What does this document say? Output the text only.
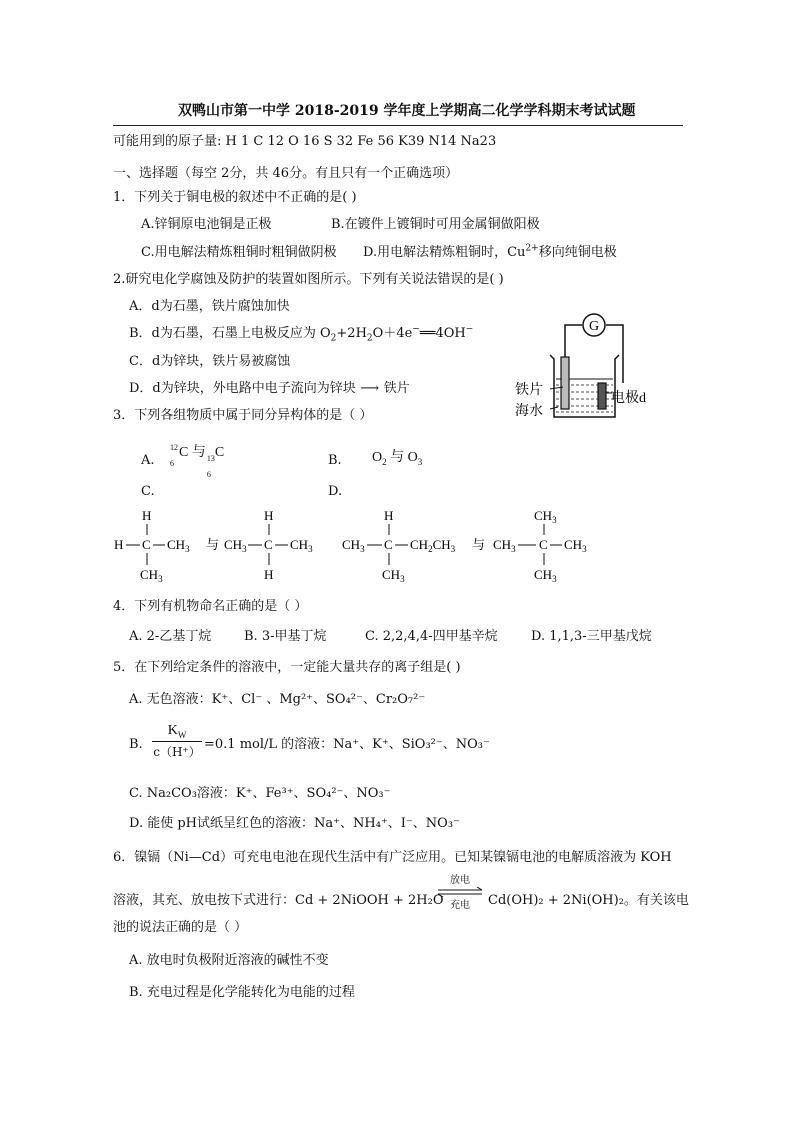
双鸭山市第一中学 2018-2019 学年度上学期高二化学学科期末考试试题
可能用到的原子量: H 1 C 12 O 16 S 32 Fe 56 K39 N14 Na23
一、选择题（每空 2分，共 46分。有且只有一个正确选项）
1．下列关于铜电极的叙述中不正确的是( )
A.锌铜原电池铜是正极	B.在镀件上镀铜时可用金属铜做阳极
C.用电解法精炼粗铜时粗铜做阴极 D.用电解法精炼粗铜时，$Cu^{2+}$移向纯铜电极
2.研究电化学腐蚀及防护的装置如图所示。下列有关说法错误的是( )
A．d为石墨，铁片腐蚀加快
B．d为石墨，石墨上电极反应为 $O_2+2H_2O+4e^-══4OH^-$
C．d为锌块，铁片易被腐蚀
D．d为锌块，外电路中电子流向为锌块 ⟶ 铁片
G
铁片
海水
电极d
3．下列各组物质中属于同分异构体的是（ ）
A.
12
6
C 与 13
6
C
B. $O_2$ 与 $O_3$
C.	D.
H
H C $CH_3$
$CH_3$
与
H
$CH_3$ C $CH_3$
H
H
$CH_3$ C $CH_2CH_3$
$CH_3$
与
$CH_3$
$CH_3$ C $CH_3$
$CH_3$
4．下列有机物命名正确的是（ ）
A. 2-乙基丁烷	B. 3-甲基丁烷	C. 2,2,4,4-四甲基辛烷	D. 1,1,3-三甲基戊烷
5．在下列给定条件的溶液中，一定能大量共存的离子组是( )
A. 无色溶液：K⁺、Cl⁻ 、Mg²⁺、SO₄²⁻、Cr₂O₇²⁻
B.
$K_W$
c（H⁺） =0.1 mol/L 的溶液：Na⁺、K⁺、SiO₃²⁻、NO₃⁻
C. Na₂CO₃溶液：K⁺、Fe³⁺、SO₄²⁻、NO₃⁻
D. 能使 pH试纸呈红色的溶液：Na⁺、NH₄⁺、I⁻、NO₃⁻
6．镍镉（Ni—Cd）可充电电池在现代生活中有广泛应用。已知某镍镉电池的电解质溶液为 KOH
溶液，其充、放电按下式进行：Cd + 2NiOOH + 2H₂O
放电
充电	Cd(OH)₂ + 2Ni(OH)₂。有关该电
池的说法正确的是（ ）
A. 放电时负极附近溶液的碱性不变
B. 充电过程是化学能转化为电能的过程
